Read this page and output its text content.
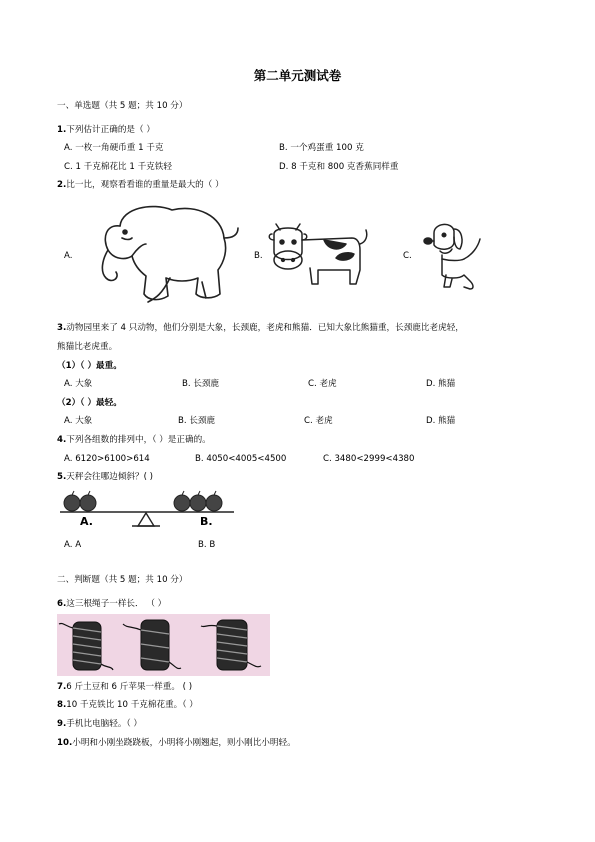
第二单元测试卷
一、单选题（共 5 题；共 10 分）
1.下列估计正确的是（ ）
A. 一枚一角硬币重 1 千克	B. 一个鸡蛋重 100 克
C. 1 千克棉花比 1 千克铁轻	D. 8 千克和 800 克香蕉同样重
2.比一比，观察看看谁的重量是最大的（ ）
A.	B.	C.
3.动物园里来了 4 只动物，他们分别是大象，长颈鹿，老虎和熊猫．已知大象比熊猫重，长颈鹿比老虎轻，
熊猫比老虎重。
（1）（ ）最重。
A. 大象	B. 长颈鹿	C. 老虎	D. 熊猫
（2）（ ）最轻。
A. 大象	B. 长颈鹿	C. 老虎	D. 熊猫
4.下列各组数的排列中，（ ）是正确的。
A. 6120>6100>614	B. 4050<4005<4500	C. 3480<2999<4380
5.天秤会往哪边倾斜？( )
A.	B.
A. A	B. B
二、判断题（共 5 题；共 10 分）
6.这三根绳子一样长． （ ）
7.6 斤土豆和 6 斤苹果一样重。 ( )
8.10 千克铁比 10 千克棉花重。（ ）
9.手机比电脑轻。（ ）
10.小明和小刚坐跷跷板，小明将小刚翘起，则小刚比小明轻。
